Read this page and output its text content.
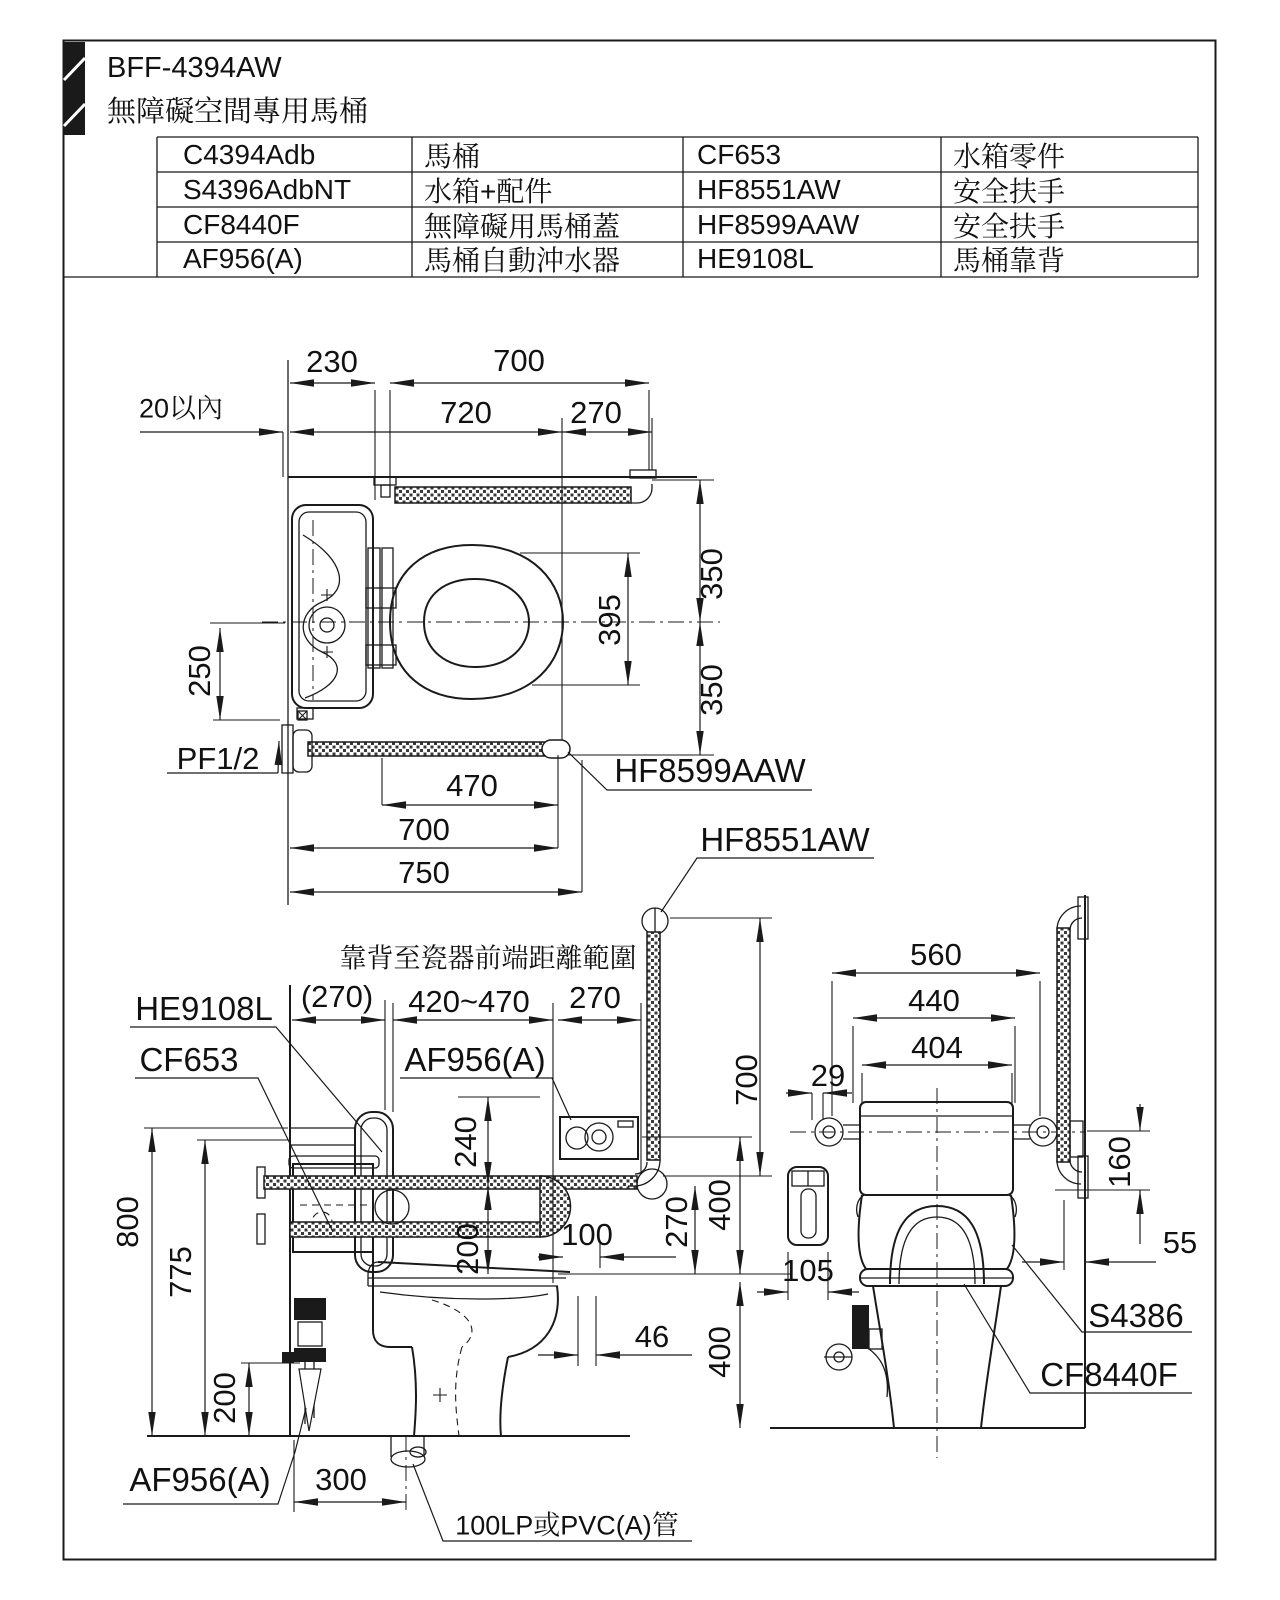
BFF-4394AW
無障礙空間專用馬桶
C4394Adb	馬桶	CF653	水箱零件
S4396AdbNT	水箱+配件	HF8551AW	安全扶手
CF8440F	無障礙用馬桶蓋	HF8599AAW	安全扶手
AF956(A)	馬桶自動沖水器	HE9108L	馬桶靠背
230	700
20以內	720	270
395
350
350
250
PF1/2
470
700
750
HF8599AAW
HF8551AW
靠背至瓷器前端距離範圍
(270) 420~470 270
HE9108L
CF653	AF956(A)	700
240
200 100 270 400
400
46
800
775
200
AF956(A) 300
100LP或PVC(A)管
560
440
404
29
160
55
105
S4386
CF8440F
